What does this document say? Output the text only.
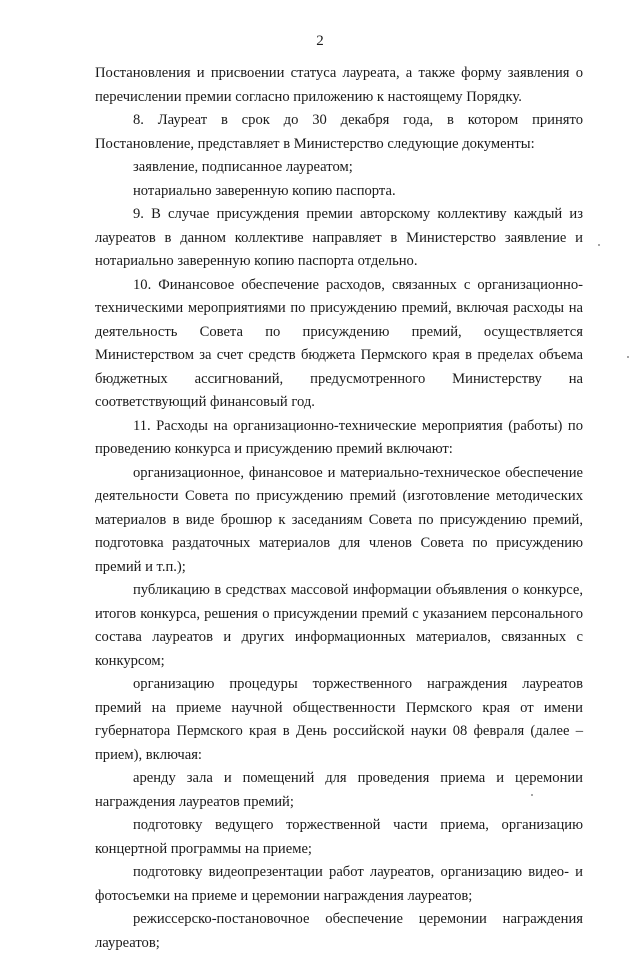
2

Постановления и присвоении статуса лауреата, а также форму заявления о перечислении премии согласно приложению к настоящему Порядку.

8. Лауреат в срок до 30 декабря года, в котором принято Постановление, представляет в Министерство следующие документы:

заявление, подписанное лауреатом;

нотариально заверенную копию паспорта.

9. В случае присуждения премии авторскому коллективу каждый из лауреатов в данном коллективе направляет в Министерство заявление и нотариально заверенную копию паспорта отдельно.

10. Финансовое обеспечение расходов, связанных с организационно-техническими мероприятиями по присуждению премий, включая расходы на деятельность Совета по присуждению премий, осуществляется Министерством за счет средств бюджета Пермского края в пределах объема бюджетных ассигнований, предусмотренного Министерству на соответствующий финансовый год.

11. Расходы на организационно-технические мероприятия (работы) по проведению конкурса и присуждению премий включают:

организационное, финансовое и материально-техническое обеспечение деятельности Совета по присуждению премий (изготовление методических материалов в виде брошюр к заседаниям Совета по присуждению премий, подготовка раздаточных материалов для членов Совета по присуждению премий и т.п.);

публикацию в средствах массовой информации объявления о конкурсе, итогов конкурса, решения о присуждении премий с указанием персонального состава лауреатов и других информационных материалов, связанных с конкурсом;

организацию процедуры торжественного награждения лауреатов премий на приеме научной общественности Пермского края от имени губернатора Пермского края в День российской науки 08 февраля (далее – прием), включая:

аренду зала и помещений для проведения приема и церемонии награждения лауреатов премий;

подготовку ведущего торжественной части приема, организацию концертной программы на приеме;

подготовку видеопрезентации работ лауреатов, организацию видео- и фотосъемки на приеме и церемонии награждения лауреатов;

режиссерско-постановочное обеспечение церемонии награждения лауреатов;
